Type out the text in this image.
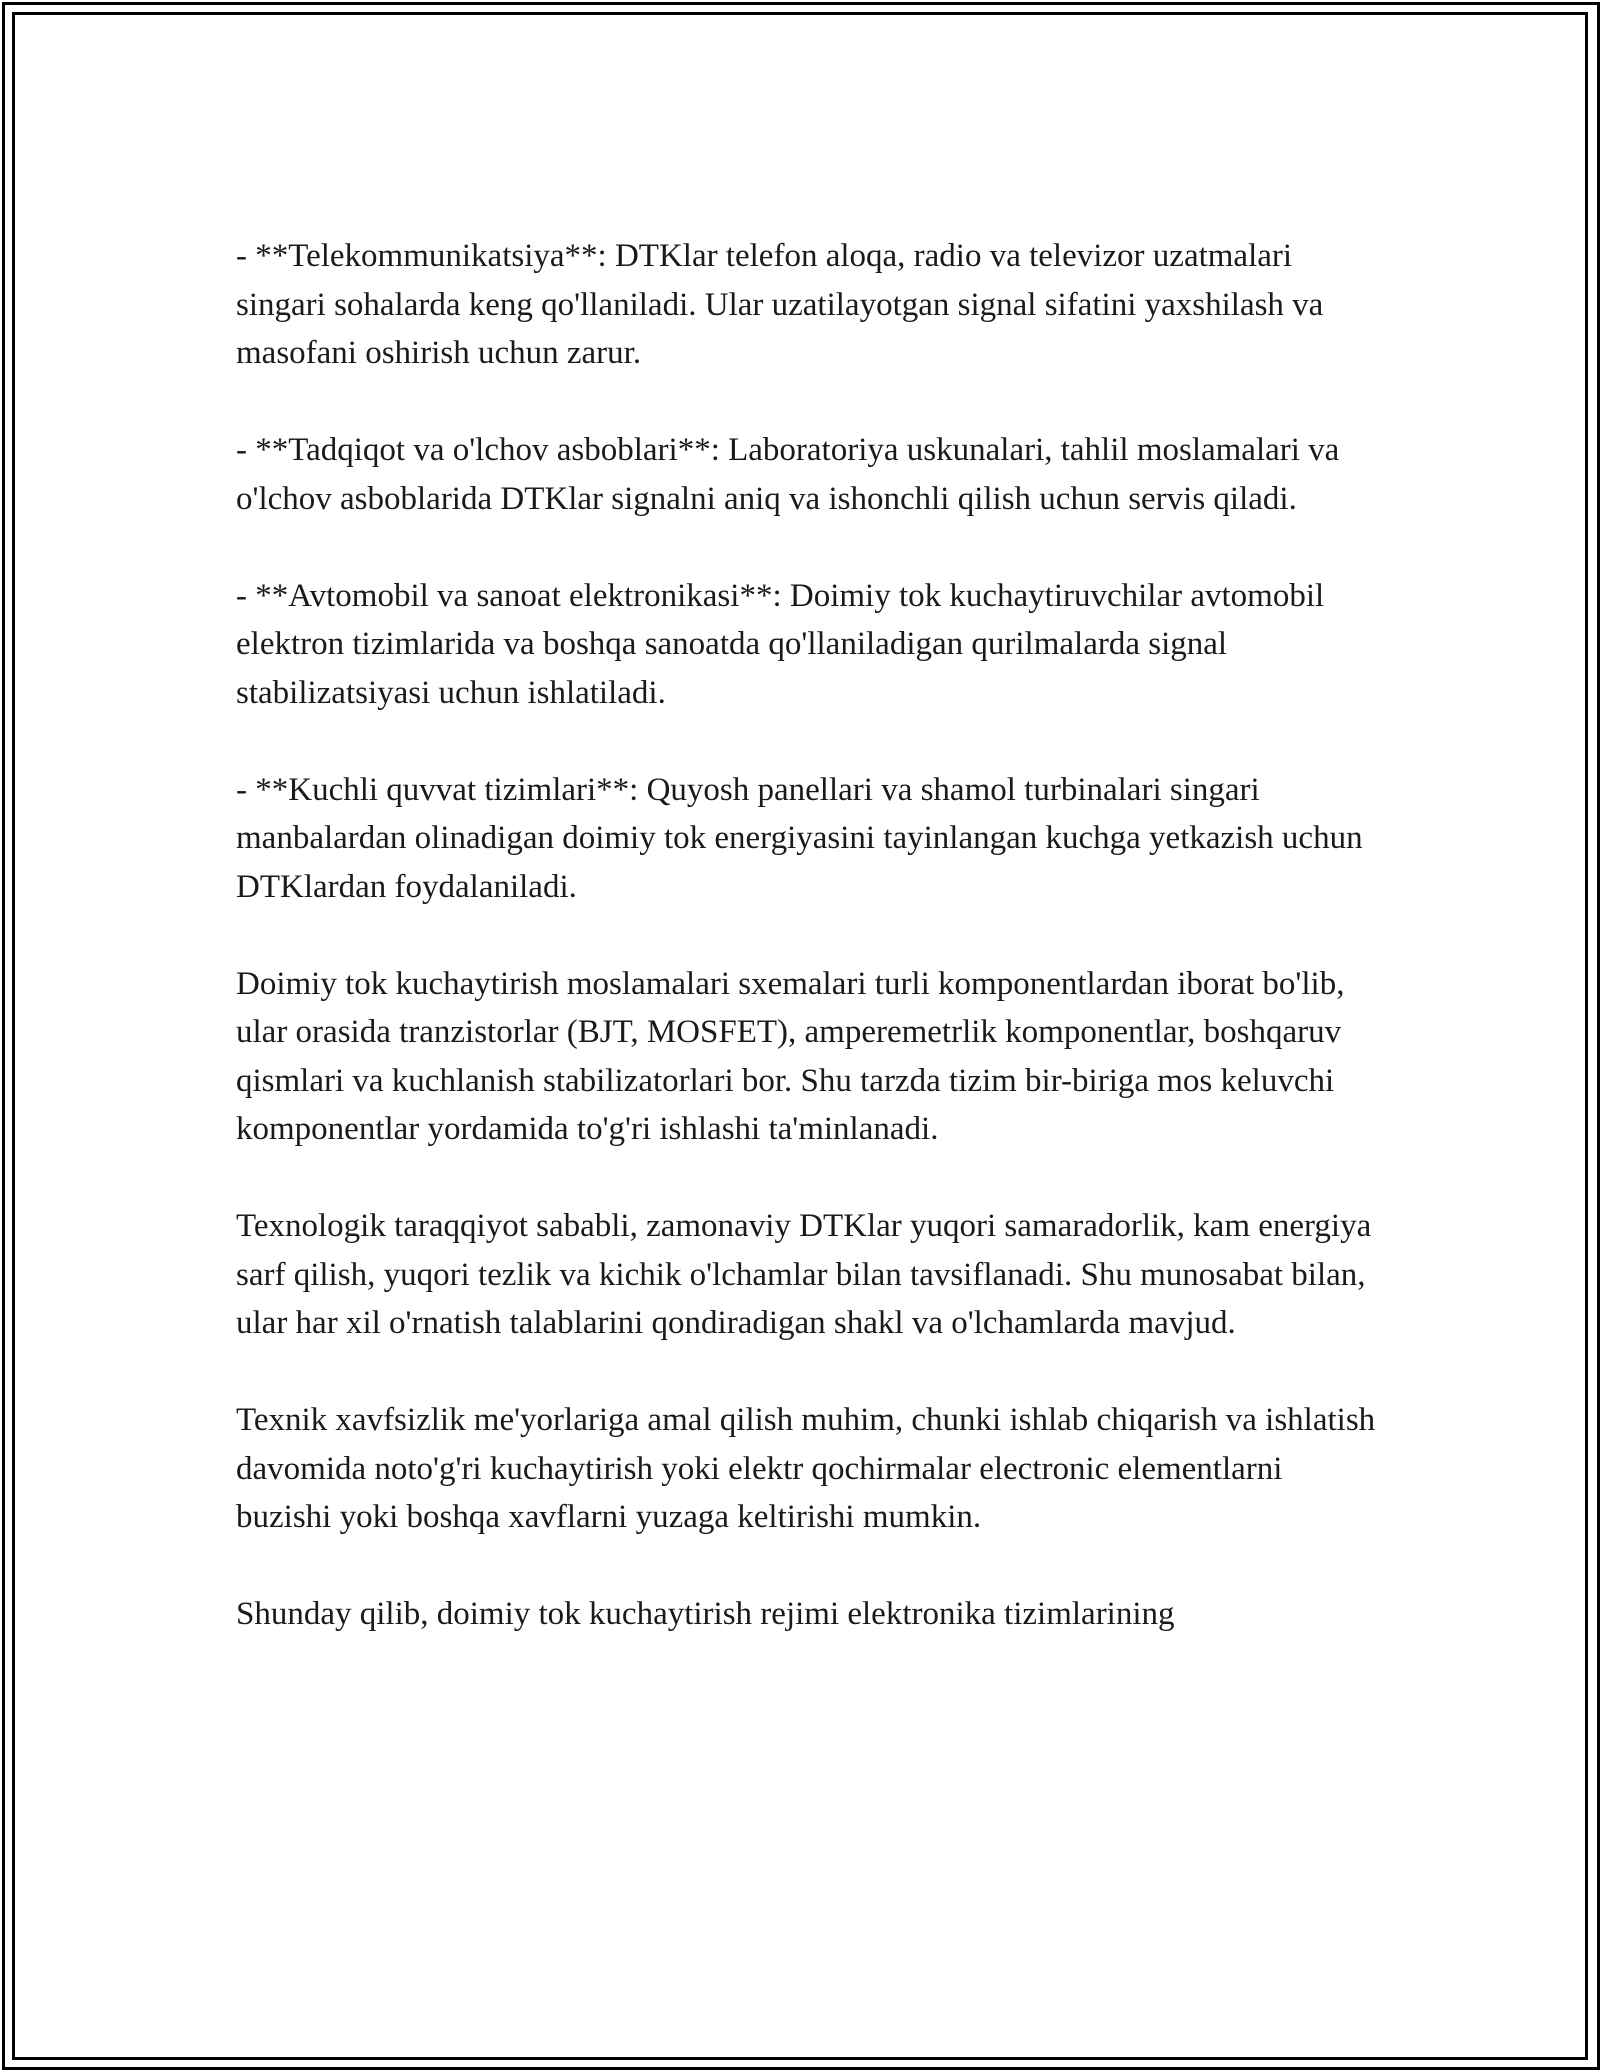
- **Telekommunikatsiya**: DTKlar telefon aloqa, radio va televizor uzatmalari singari sohalarda keng qo'llaniladi. Ular uzatilayotgan signal sifatini yaxshilash va masofani oshirish uchun zarur.

- **Tadqiqot va o'lchov asboblari**: Laboratoriya uskunalari, tahlil moslamalari va o'lchov asboblarida DTKlar signalni aniq va ishonchli qilish uchun servis qiladi.

- **Avtomobil va sanoat elektronikasi**: Doimiy tok kuchaytiruvchilar avtomobil elektron tizimlarida va boshqa sanoatda qo'llaniladigan qurilmalarda signal stabilizatsiyasi uchun ishlatiladi.

- **Kuchli quvvat tizimlari**: Quyosh panellari va shamol turbinalari singari manbalardan olinadigan doimiy tok energiyasini tayinlangan kuchga yetkazish uchun DTKlardan foydalaniladi.

Doimiy tok kuchaytirish moslamalari sxemalari turli komponentlardan iborat bo'lib, ular orasida tranzistorlar (BJT, MOSFET), amperemetrlik komponentlar, boshqaruv qismlari va kuchlanish stabilizatorlari bor. Shu tarzda tizim bir-biriga mos keluvchi komponentlar yordamida to'g'ri ishlashi ta'minlanadi.

Texnologik taraqqiyot sababli, zamonaviy DTKlar yuqori samaradorlik, kam energiya sarf qilish, yuqori tezlik va kichik o'lchamlar bilan tavsiflanadi. Shu munosabat bilan, ular har xil o'rnatish talablarini qondiradigan shakl va o'lchamlarda mavjud.

Texnik xavfsizlik me'yorlariga amal qilish muhim, chunki ishlab chiqarish va ishlatish davomida noto'g'ri kuchaytirish yoki elektr qochirmalar electronic elementlarni buzishi yoki boshqa xavflarni yuzaga keltirishi mumkin.

Shunday qilib, doimiy tok kuchaytirish rejimi elektronika tizimlarining
